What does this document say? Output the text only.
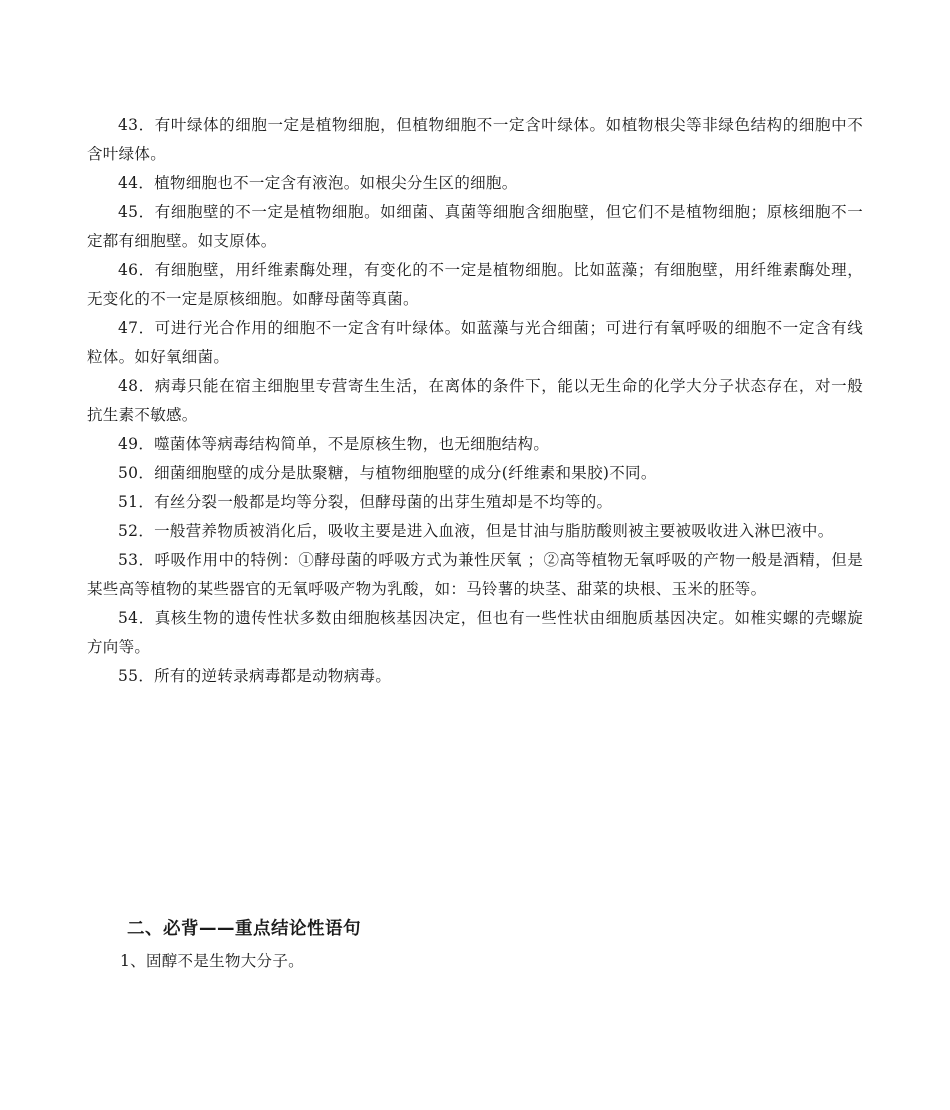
43．有叶绿体的细胞一定是植物细胞，但植物细胞不一定含叶绿体。如植物根尖等非绿色结构的细胞中不含叶绿体。

44．植物细胞也不一定含有液泡。如根尖分生区的细胞。

45．有细胞壁的不一定是植物细胞。如细菌、真菌等细胞含细胞壁，但它们不是植物细胞；原核细胞不一定都有细胞壁。如支原体。

46．有细胞壁，用纤维素酶处理，有变化的不一定是植物细胞。比如蓝藻；有细胞壁，用纤维素酶处理，无变化的不一定是原核细胞。如酵母菌等真菌。

47．可进行光合作用的细胞不一定含有叶绿体。如蓝藻与光合细菌；可进行有氧呼吸的细胞不一定含有线粒体。如好氧细菌。

48．病毒只能在宿主细胞里专营寄生生活，在离体的条件下，能以无生命的化学大分子状态存在，对一般抗生素不敏感。

49．噬菌体等病毒结构简单，不是原核生物，也无细胞结构。

50．细菌细胞壁的成分是肽聚糖，与植物细胞壁的成分(纤维素和果胶)不同。

51．有丝分裂一般都是均等分裂，但酵母菌的出芽生殖却是不均等的。

52．一般营养物质被消化后，吸收主要是进入血液，但是甘油与脂肪酸则被主要被吸收进入淋巴液中。

53．呼吸作用中的特例：①酵母菌的呼吸方式为兼性厌氧 ；②高等植物无氧呼吸的产物一般是酒精，但是某些高等植物的某些器官的无氧呼吸产物为乳酸，如：马铃薯的块茎、甜菜的块根、玉米的胚等。

54．真核生物的遗传性状多数由细胞核基因决定，但也有一些性状由细胞质基因决定。如椎实螺的壳螺旋方向等。

55．所有的逆转录病毒都是动物病毒。

二、必背——重点结论性语句

1、固醇不是生物大分子。
